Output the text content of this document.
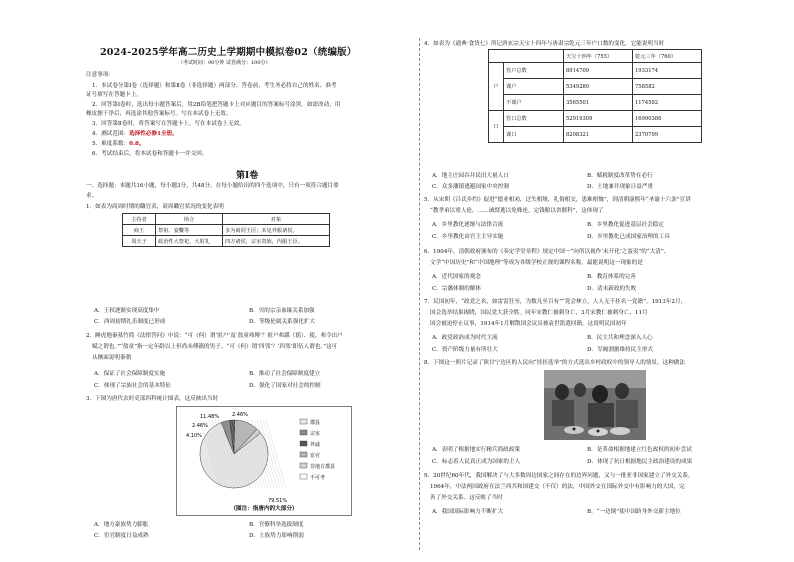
2024-2025学年高二历史上学期期中模拟卷02（统编版）
（考试时间：90分钟 试卷满分：100分）
注意事项：
1．本试卷分第Ⅰ卷（选择题）和第Ⅱ卷（非选择题）两部分。答卷前，考生务必将自己的姓名、准考
证号填写在答题卡上。
2．回答第Ⅰ卷时，选出每小题答案后，用2B铅笔把答题卡上对应题目的答案标号涂黑。如需改动，用
橡皮擦干净后，再选涂其他答案标号。写在本试卷上无效。
3．回答第Ⅱ卷时，将答案写在答题卡上。写在本试卷上无效。
4．测试范围：选择性必修1全册。
5．难度系数：0.8。
6．考试结束后，将本试卷和答题卡一并交回。
第Ⅰ卷
一、选择题：本题共16小题，每小题3分，共48分。在每小题给出的四个选项中，只有一项符合题目要
求。
1．如表为商周时期的職官表，商周職官状况的变化表明
主持者	场合	对象
商王	祭祖、宴饗等	多为商同王臣；未见外服诸侯。
周天子	政治性大祭祀、大射礼	四方诸侯，宗室贵族，内服王臣。
A．王权逐渐实现高度集中	B．贝的宗亲血缘关系加强
C．西周初期礼乐制度已形成	D．等级伦属关系强化扩大
2．睡虎地秦墓竹简《法律答问》中说：“可（何）谓‘匿户’及‘敖童弗傅’？匿户弗繇（徭）、使，弗令出户
赋之谓也。”“敖童”指一定年龄以上但尚未傅籍的男子。“可（何）谓‘四邻’？‘四邻’即伍人谓也。”这可
从侧面说明秦朝
A．保证了社会保障制度实施	B．推动了社会保障制度建立
C．体现了宗族社会的基本特征	D．强化了国家对社会的控制
3．下图为唐代农时吏部四科统计图表，这反映出当时
11.48%	2.46%
2.46%
4.10%
79.51%
郡县
宗室
外戚
宦官
非地方郡县
不可考
（图注：指唐内的大部分）
A．地方豪族势力膨胀	B．官僚科举选拔制度
C．宦官制度日益成熟	D．士族势力影响削弱
4．如表为《通典·食货七》所记唐玄宗天宝十四年与唐肃宗乾元三年户口数的变化。它能说明当时
		天宝十四年（755）	乾元三年（760）
户	管户总数	8914709	1933174
	课户	5349280	758582
	不课户	3565501	1174592
口	管口总数	52919309	16990386
	课口	8208321	2370799
A．地主庄园吞并民田大量人口	B．赋税制度改革势在必行
C．众多藩镇逃避国家中央控制	D．土地兼并现象日益严重
5．从宋朝《吕氏乡约》促进“德业相劝，过失相规，礼俗相交，患难相恤”，到清朝康熙年“圣谕十六条”宣讲
“教孝弟以重人伦，……诫窝逃以免株连，完钱粮以省催科”，这体现了
A．乡里教化逐渐与法律合流	B．乡里教化促进基层社会稳定
C．乡里教化由官主主导实施	D．乡里教化已成国家治理的工具
6．1904年，清朝政府颁布的《奏定学堂章程》规定中国一“向所以视作‘未开化’之蛮夷”的“大清”、
文学“中国历史”和“中国地理”等成为各级学校正规的课程名称。最能说明这一现象的是
A．近代国家的观念	B．教育体系的完善
C．宗藩体制的解体	D．清末新政的失败
7．民国初年，“政党之名，如雷雷狂至，为数凡至百有”“党会林立，人人无不挂名一党籍”。1913年2月，
国会选举结果揭晓，国民党大获全胜。同年宋教仁被刺身亡，3月宋教仁被刺身亡，11月
国会被迫停止议事，1914年1月解散国会议员被袁世凯遣回籍。这说明民国初年
A．政党政治成为时代主流	B．民主共和理念深入人心
C．资产阶级力量有所壮大	D．军阀割据维持民主形式
8．下图这一照片记录了陕甘宁边区的人民向“挂挂选举”的方式选出乡村政权中的领导人的情景。这种做法
A．表明了根据地实行精兵简政政策	B．是革命根据地建立红色政权的初步尝试
C．标志着人民真正成为国家的主人	D．体现了抗日根据地民主政治建设的成果
9．20世纪60年代，我国解决了与大多数周边国家之间存在的边界问题，又与一批亚非国家建立了外交关系。
1964年，中法两国政府在法兰西共和国建交（不仅）的法，中国外交在国际外交中有影响力的大国，完
善了外交关系。这反映了当时
A．我国国际影响力不断扩大	B．“一边倒”使中国跻身外交新主地位
